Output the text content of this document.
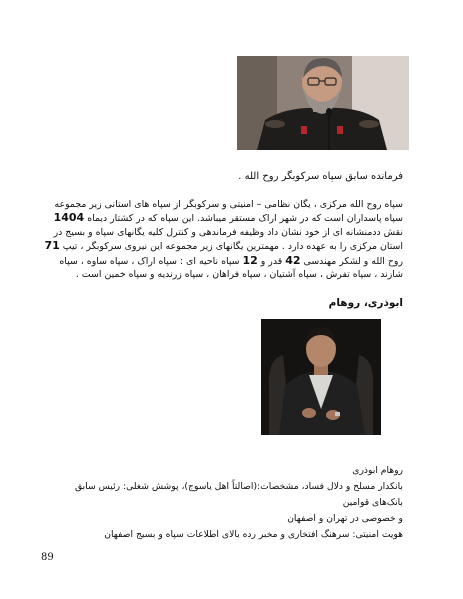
فرمانده سابق سپاه سرکوبگر روح الله .
سپاه روح الله مرکزی ، یگان نظامی – امنیتی و سرکوبگر از سپاه های استانی زیر مجموعه سپاه پاسداران است که در شهر اراک مستقر میباشد. این سپاه که در کشتار دیماه 1404 نقش ددمنشانه ای از خود نشان داد وظیفه فرماندهی و کنترل کلیه یگانهای سپاه و بسیج در استان مرکزی را به عهده دارد . مهمترین یگانهای زیر مجموعه این نیروی سرکوبگر ، تیپ 71 روح الله و لشکر مهندسی 42 قدر و 12 سپاه ناحیه ای : سپاه اراک ، سپاه ساوه ، سپاه شازند ، سپاه تفرش ، سپاه آشتیان ، سپاه فراهان ، سپاه زرندیه و سپاه خمین است .
ابوذری، روهام
روهام ابوذری
بانکدار مسلح و دلال فساد، مشخصات:(اصالتاً اهل یاسوج)، پوشش شغلی: رئیس سابق بانک‌های قوامین
و خصوصی در تهران و اصفهان
هویت امنیتی: سرهنگ افتخاری و مخبر رده بالای اطلاعات سپاه و بسیج اصفهان
89
